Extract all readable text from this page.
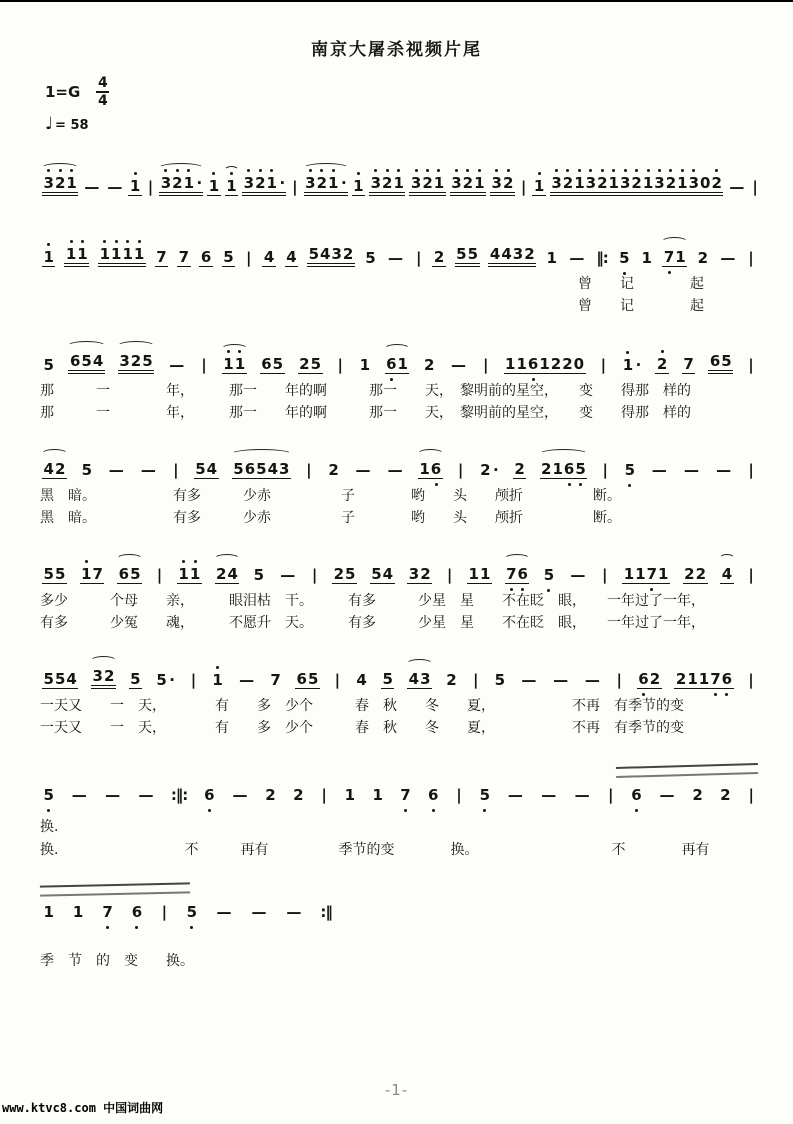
南京大屠杀视频片尾
1=G 4
4
♩ = 58
3 2 1 — — 1 | 3 2 1 · 1 1 3 2 1 · | 3 2 1 · 1 3 2 1 3 2 1 3 2 1 3 2 | 1 3 2 1 3 2 1 3 2 1 3 2 1 3 0 2 — |
1 1 1 1 1 1 1 7 7 6 5 | 4 4 5 4 3 2 5 — | 2 5 5 4 4 3 2 1 — ‖: 5 1 7 1 2 — |
曾　　记　　　　起
曾　　记　　　　起
5 6 5 4 3 2 5 — | 1 1 6 5 2 5 | 1 6 1 2 — | 1 1 6 1 2 2 0 | 1 · 2 7 6 5 |
那　　　一　　　　年，　　　那一　　年的啊　　　那一　　天，　黎明前的星空，　　变　　得那　样的
那　　　一　　　　年，　　　那一　　年的啊　　　那一　　天，　黎明前的星空，　　变　　得那　样的
4 2 5 — — | 5 4 5 6 5 4 3 | 2 — — 1 6 | 2 · 2 2 1 6 5 | 5 — — — |
黑　暗。　　　　　　有多　　　少赤　　　　　子　　　　哟　　头　　颅折　　　　　断。
黑　暗。　　　　　　有多　　　少赤　　　　　子　　　　哟　　头　　颅折　　　　　断。
5 5 1 7 6 5 | 1 1 2 4 5 — | 2 5 5 4 3 2 | 1 1 7 6 5 — | 1 1 7 1 2 2 4 |
多少　　　个母　　亲，　　　眼泪枯　干。　　　有多　　　少星　星　　不在眨　眼，　　一年过了一年，
有多　　　少冤　　魂，　　　不愿升　天。　　　有多　　　少星　星　　不在眨　眼，　　一年过了一年，
5 5 4 3 2 5 5 · | 1 — 7 6 5 | 4 5 4 3 2 | 5 — — — | 6 2 2 1 1 7 6 |
一天又　　一　天，　　　　有　　多　少个　　　春　秋　　冬　　夏，　　　　　　不再　有季节的变
一天又　　一　天，　　　　有　　多　少个　　　春　秋　　冬　　夏，　　　　　　不再　有季节的变
5 — — — :‖: 6 — 2 2 | 1 1 7 6 | 5 — — — | 6 — 2 2 |
换.
换.　　　　　　　　　不　　　再有　　　　　季节的变　　　　换。　　　　　　　　　　不　　　　再有
1 1 7 6 | 5 — — — :‖
季　节　的　变　　换。
-1-
www.ktvc8.com 中国词曲网
